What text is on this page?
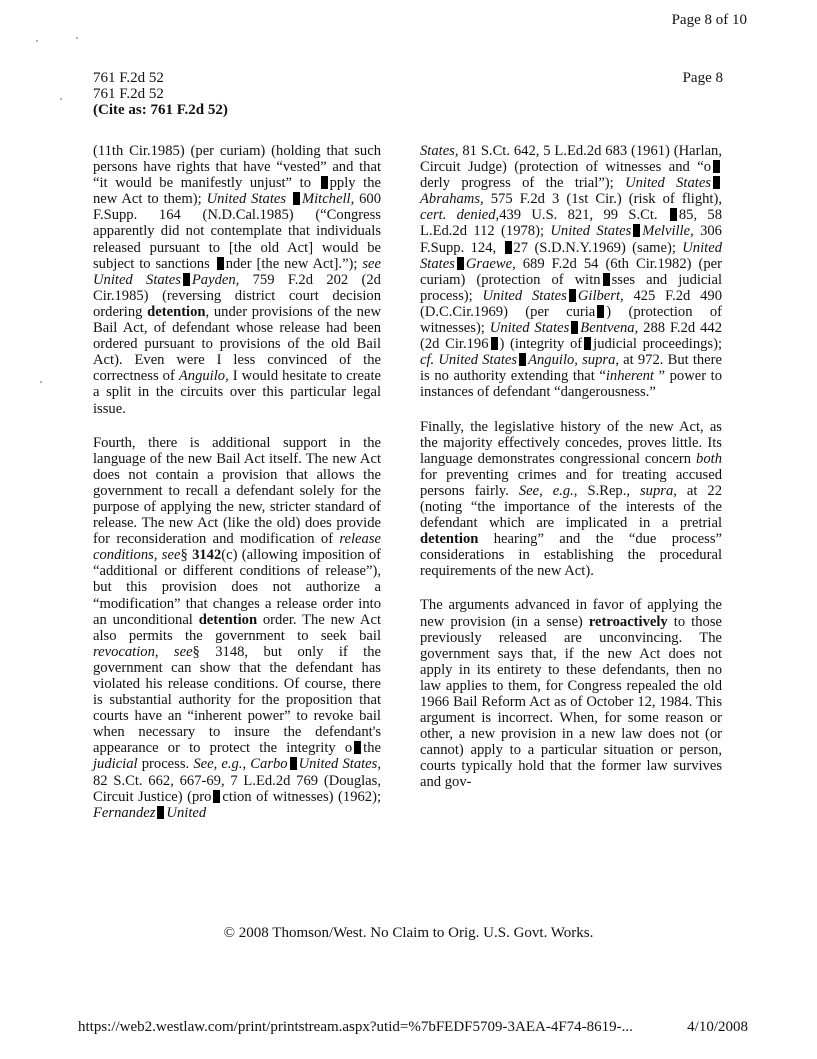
Page 8 of 10
761 F.2d 52
761 F.2d 52
(Cite as: 761 F.2d 52)
Page 8

(11th Cir.1985) (per curiam) (holding that such persons have rights that have “vested” and that “it would be manifestly unjust” to pply the new Act to them); United States Mitchell, 600 F.Supp. 164 (N.D.Cal.1985) (“Congress apparently did not contemplate that individuals released pursuant to [the old Act] would be subject to sanctions nder [the new Act].”); see United States Payden, 759 F.2d 202 (2d Cir.1985) (reversing district court decision ordering detention, under provisions of the new Bail Act, of defendant whose release had been ordered pursuant to provisions of the old Bail Act). Even were I less convinced of the correctness of Anguilo, I would hesitate to create a split in the circuits over this particular legal issue.

Fourth, there is additional support in the language of the new Bail Act itself. The new Act does not contain a provision that allows the government to recall a defendant solely for the purpose of applying the new, stricter standard of release. The new Act (like the old) does provide for reconsideration and modification of release conditions, see§ 3142(c) (allowing imposition of “additional or different conditions of release”), but this provision does not authorize a “modification” that changes a release order into an unconditional detention order. The new Act also permits the government to seek bail revocation, see§ 3148, but only if the government can show that the defendant has violated his release conditions. Of course, there is substantial authority for the proposition that courts have an “inherent power” to revoke bail when necessary to insure the defendant's appearance or to protect the integrity o the judicial process. See, e.g., Carbo United States, 82 S.Ct. 662, 667-69, 7 L.Ed.2d 769 (Douglas, Circuit Justice) (pro ction of witnesses) (1962); Fernandez United

States, 81 S.Ct. 642, 5 L.Ed.2d 683 (1961) (Harlan, Circuit Judge) (protection of witnesses and “oderly progress of the trial”); United StatesAbrahams, 575 F.2d 3 (1st Cir.) (risk of flight), cert. denied,439 U.S. 821, 99 S.Ct. 85, 58 L.Ed.2d 112 (1978); United States Melville, 306 F.Supp. 124, 27 (S.D.N.Y.1969) (same); United States Graewe, 689 F.2d 54 (6th Cir.1982) (per curiam) (protection of witn sses and judicial process); United States Gilbert, 425 F.2d 490 (D.C.Cir.1969) (per curia ) (protection of witnesses); United States Bentvena, 288 F.2d 442 (2d Cir.196 ) (integrity of judicial proceedings); cf. United States Anguilo, supra, at 972. But there is no authority extending that “inherent ” power to instances of defendant “dangerousness.”

Finally, the legislative history of the new Act, as the majority effectively concedes, proves little. Its language demonstrates congressional concern both for preventing crimes and for treating accused persons fairly. See, e.g., S.Rep., supra, at 22 (noting “the importance of the interests of the defendant which are implicated in a pretrial detention hearing” and the “due process” considerations in establishing the procedural requirements of the new Act).

The arguments advanced in favor of applying the new provision (in a sense) retroactively to those previously released are unconvincing. The government says that, if the new Act does not apply in its entirety to these defendants, then no law applies to them, for Congress repealed the old 1966 Bail Reform Act as of October 12, 1984. This argument is incorrect. When, for some reason or other, a new provision in a new law does not (or cannot) apply to a particular situation or person, courts typically hold that the former law survives and gov-

© 2008 Thomson/West. No Claim to Orig. U.S. Govt. Works.
https://web2.westlaw.com/print/printstream.aspx?utid=%7bFEDF5709-3AEA-4F74-8619-...	4/10/2008
